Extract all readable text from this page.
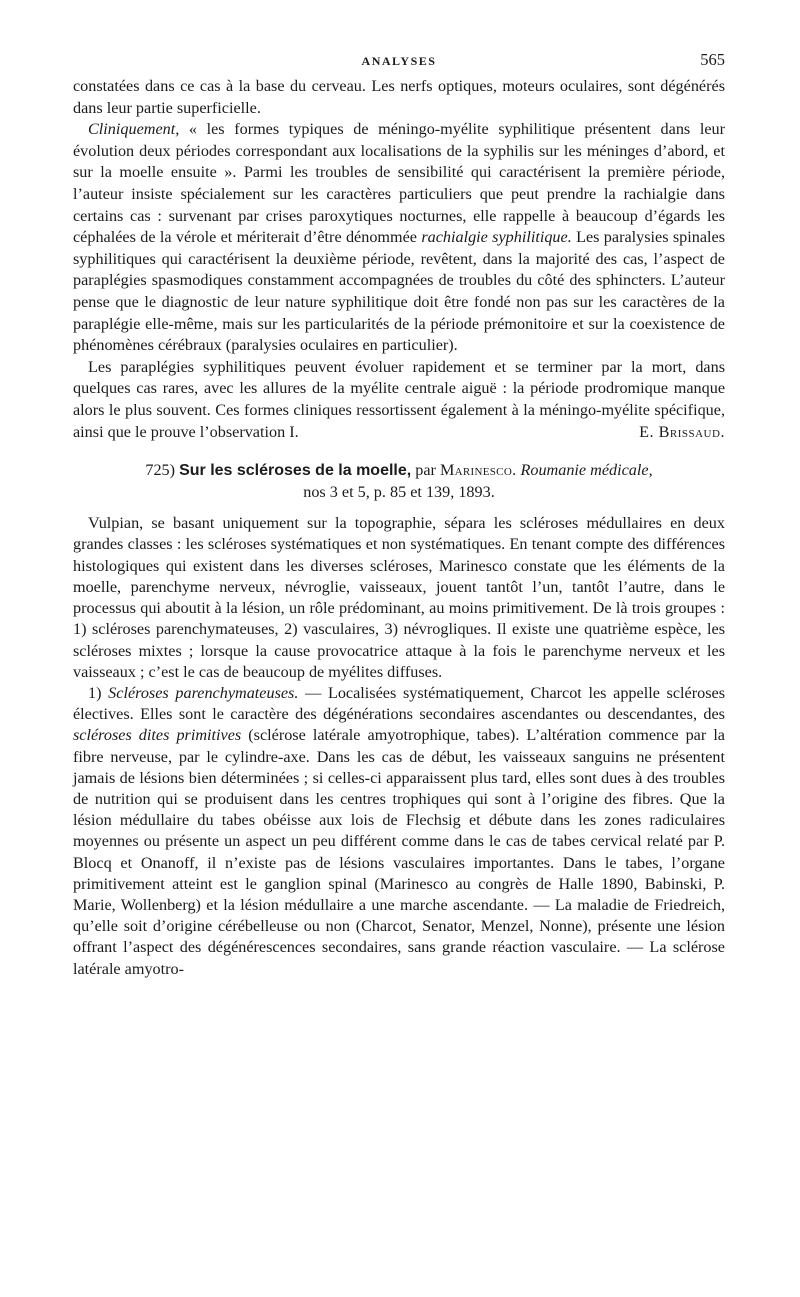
ANALYSES	565

constatées dans ce cas à la base du cerveau. Les nerfs optiques, moteurs oculaires, sont dégénérés dans leur partie superficielle.

Cliniquement, « les formes typiques de méningo-myélite syphilitique présentent dans leur évolution deux périodes correspondant aux localisations de la syphilis sur les méninges d’abord, et sur la moelle ensuite ». Parmi les troubles de sensibilité qui caractérisent la première période, l’auteur insiste spécialement sur les caractères particuliers que peut prendre la rachialgie dans certains cas : survenant par crises paroxytiques nocturnes, elle rappelle à beaucoup d’égards les céphalées de la vérole et mériterait d’être dénommée rachialgie syphilitique. Les paralysies spinales syphilitiques qui caractérisent la deuxième période, revêtent, dans la majorité des cas, l’aspect de paraplégies spasmodiques constamment accompagnées de troubles du côté des sphincters. L’auteur pense que le diagnostic de leur nature syphilitique doit être fondé non pas sur les caractères de la paraplégie elle-même, mais sur les particularités de la période prémonitoire et sur la coexistence de phénomènes cérébraux (paralysies oculaires en particulier).

Les paraplégies syphilitiques peuvent évoluer rapidement et se terminer par la mort, dans quelques cas rares, avec les allures de la myélite centrale aiguë : la période prodromique manque alors le plus souvent. Ces formes cliniques ressortissent également à la méningo-myélite spécifique, ainsi que le prouve l’observation I.	E. Brissaud.

725) Sur les scléroses de la moelle, par Marinesco. Roumanie médicale,
nos 3 et 5, p. 85 et 139, 1893.

Vulpian, se basant uniquement sur la topographie, sépara les scléroses médullaires en deux grandes classes : les scléroses systématiques et non systématiques. En tenant compte des différences histologiques qui existent dans les diverses scléroses, Marinesco constate que les éléments de la moelle, parenchyme nerveux, névroglie, vaisseaux, jouent tantôt l’un, tantôt l’autre, dans le processus qui aboutit à la lésion, un rôle prédominant, au moins primitivement. De là trois groupes : 1) scléroses parenchymateuses, 2) vasculaires, 3) névrogliques. Il existe une quatrième espèce, les scléroses mixtes ; lorsque la cause provocatrice attaque à la fois le parenchyme nerveux et les vaisseaux ; c’est le cas de beaucoup de myélites diffuses.

1) Scléroses parenchymateuses. — Localisées systématiquement, Charcot les appelle scléroses électives. Elles sont le caractère des dégénérations secondaires ascendantes ou descendantes, des scléroses dites primitives (sclérose latérale amyotrophique, tabes). L’altération commence par la fibre nerveuse, par le cylindre-axe. Dans les cas de début, les vaisseaux sanguins ne présentent jamais de lésions bien déterminées ; si celles-ci apparaissent plus tard, elles sont dues à des troubles de nutrition qui se produisent dans les centres trophiques qui sont à l’origine des fibres. Que la lésion médullaire du tabes obéisse aux lois de Flechsig et débute dans les zones radiculaires moyennes ou présente un aspect un peu différent comme dans le cas de tabes cervical relaté par P. Blocq et Onanoff, il n’existe pas de lésions vasculaires importantes. Dans le tabes, l’organe primitivement atteint est le ganglion spinal (Marinesco au congrès de Halle 1890, Babinski, P. Marie, Wollenberg) et la lésion médullaire a une marche ascendante. — La maladie de Friedreich, qu’elle soit d’origine cérébelleuse ou non (Charcot, Senator, Menzel, Nonne), présente une lésion offrant l’aspect des dégénérescences secondaires, sans grande réaction vasculaire. — La sclérose latérale amyotro-
